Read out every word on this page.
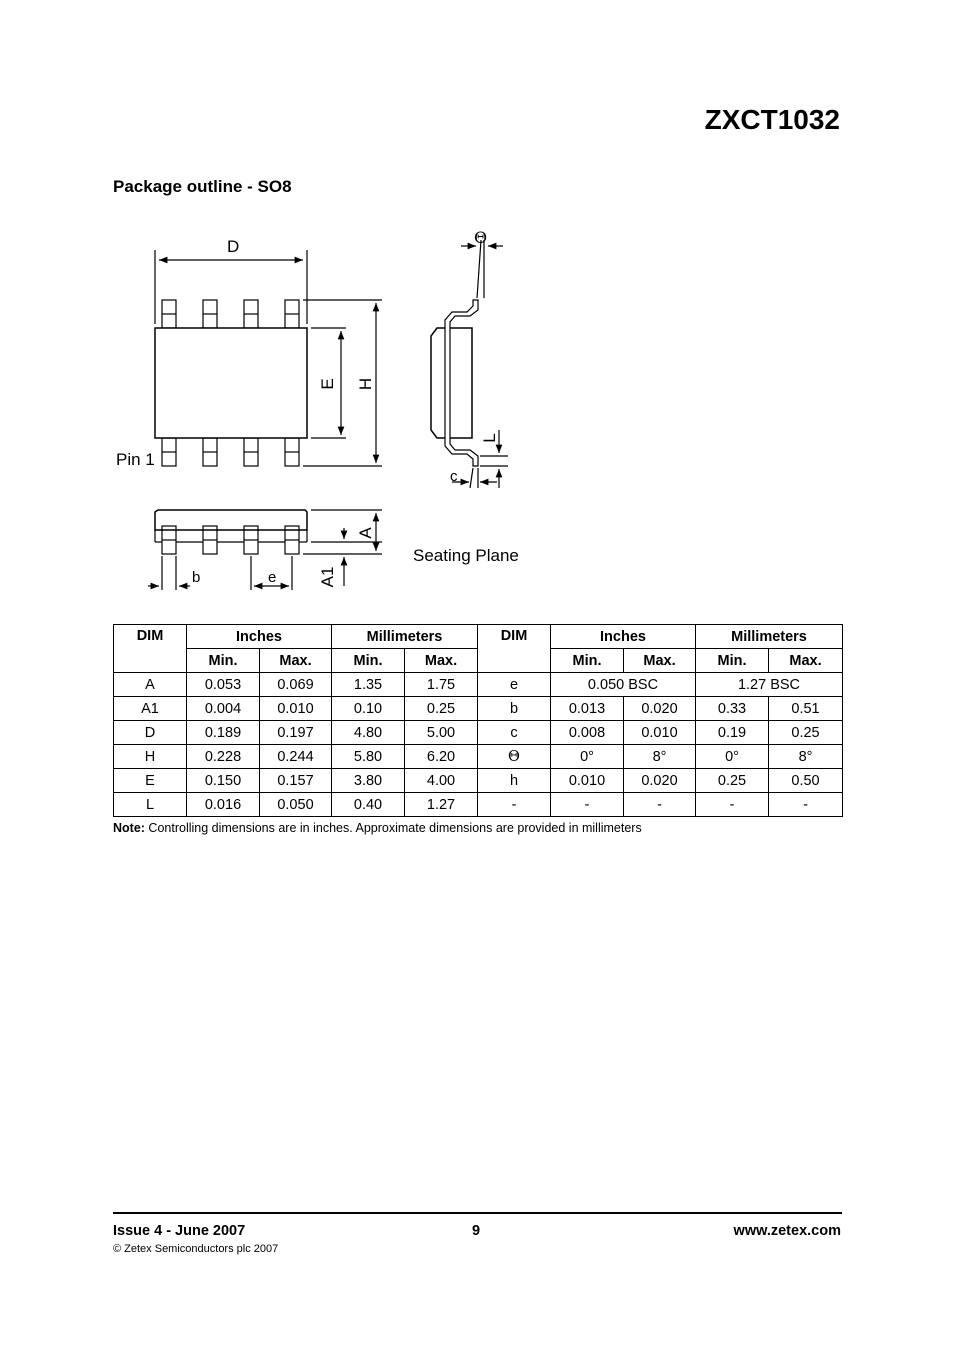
ZXCT1032
Package outline - SO8
D
E H
Θ
L
c
Pin 1
A
A1
b	e
Seating Plane
DIM	Inches		Millimeters		DIM	Inches		Millimeters	
	Min.	Max.	Min.	Max.		Min.	Max.	Min.	Max.
A	0.053	0.069	1.35	1.75	e	0.050 BSC		1.27 BSC	
A1	0.004	0.010	0.10	0.25	b	0.013	0.020	0.33	0.51
D	0.189	0.197	4.80	5.00	c	0.008	0.010	0.19	0.25
H	0.228	0.244	5.80	6.20	Θ	0°	8°	0°	8°
E	0.150	0.157	3.80	4.00	h	0.010	0.020	0.25	0.50
L	0.016	0.050	0.40	1.27	-	-	-	-	-
Note: Controlling dimensions are in inches. Approximate dimensions are provided in millimeters
Issue 4 - June 2007	9	www.zetex.com
© Zetex Semiconductors plc 2007
